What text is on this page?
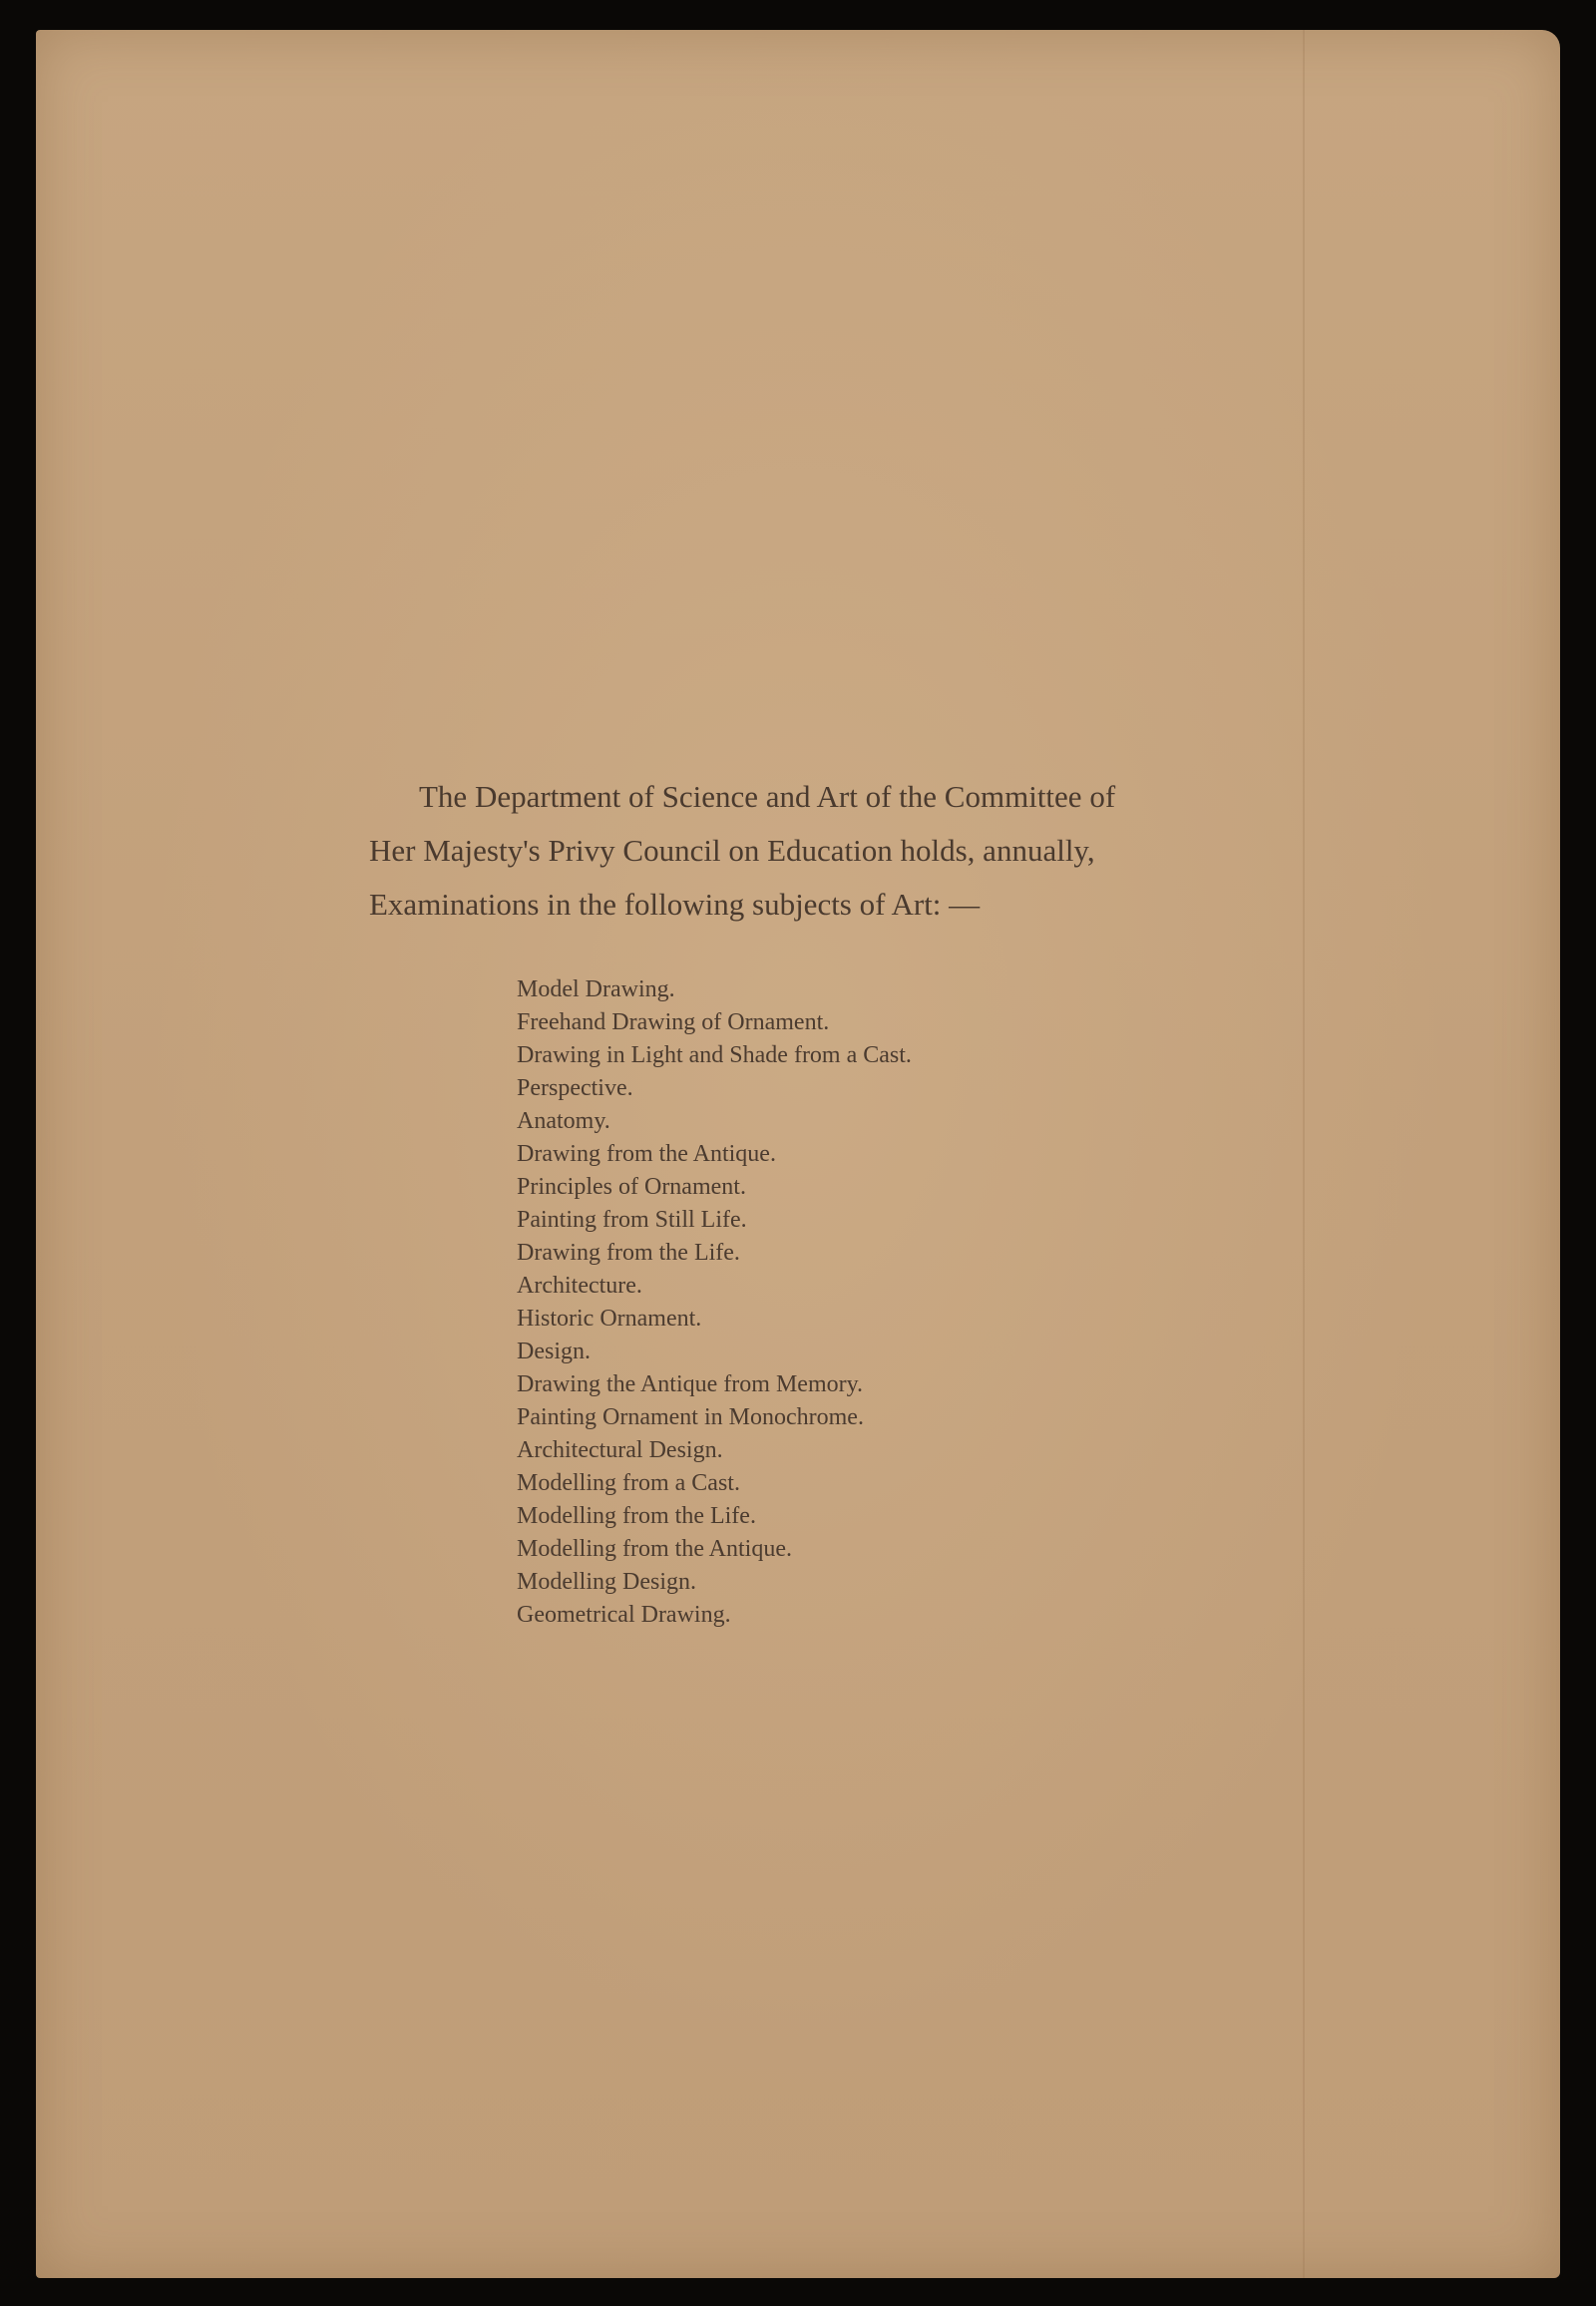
The Department of Science and Art of the Committee of
Her Majesty's Privy Council on Education holds, annually,
Examinations in the following subjects of Art: —

Model Drawing.
Freehand Drawing of Ornament.
Drawing in Light and Shade from a Cast.
Perspective.
Anatomy.
Drawing from the Antique.
Principles of Ornament.
Painting from Still Life.
Drawing from the Life.
Architecture.
Historic Ornament.
Design.
Drawing the Antique from Memory.
Painting Ornament in Monochrome.
Architectural Design.
Modelling from a Cast.
Modelling from the Life.
Modelling from the Antique.
Modelling Design.
Geometrical Drawing.
